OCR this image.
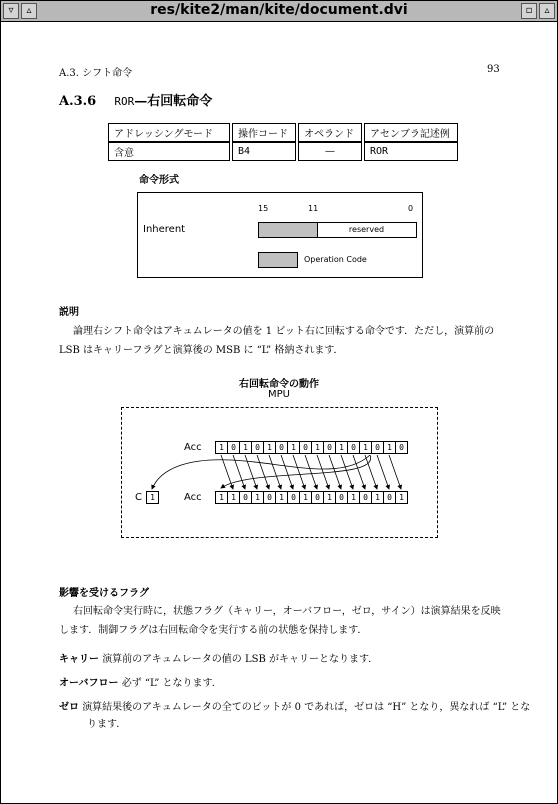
▿	▵	res/kite2/man/kite/document.dvi	▫	▵
A.3. シフト命令	93
A.3.6 ROR—右回転命令
アドレッシングモード	操作コード	オペランド	アセンブラ記述例
含意	B4	—	ROR
命令形式
15	11	0
Inherent	reserved
Operation Code
説明
論理右シフト命令はアキュムレータの値を 1 ビット右に回転する命令です．ただし，演算前の LSB はキャリーフラグと演算後の MSB に “L” 格納されます．
右回転命令の動作
MPU
Acc	1 0 1 0 1 0 1 0 1 0 1 0 1 0 1 0
C	1	Acc	1 1 0 1 0 1 0 1 0 1 0 1 0 1 0 1
影響を受けるフラグ
右回転命令実行時に，状態フラグ（キャリー，オーバフロー，ゼロ，サイン）は演算結果を反映します．制御フラグは右回転命令を実行する前の状態を保持します．
キャリー 演算前のアキュムレータの値の LSB がキャリーとなります．
オーバフロー 必ず “L” となります．
ゼロ 演算結果後のアキュムレータの全てのビットが 0 であれば，ゼロは “H” となり，異なれば “L” となります．
